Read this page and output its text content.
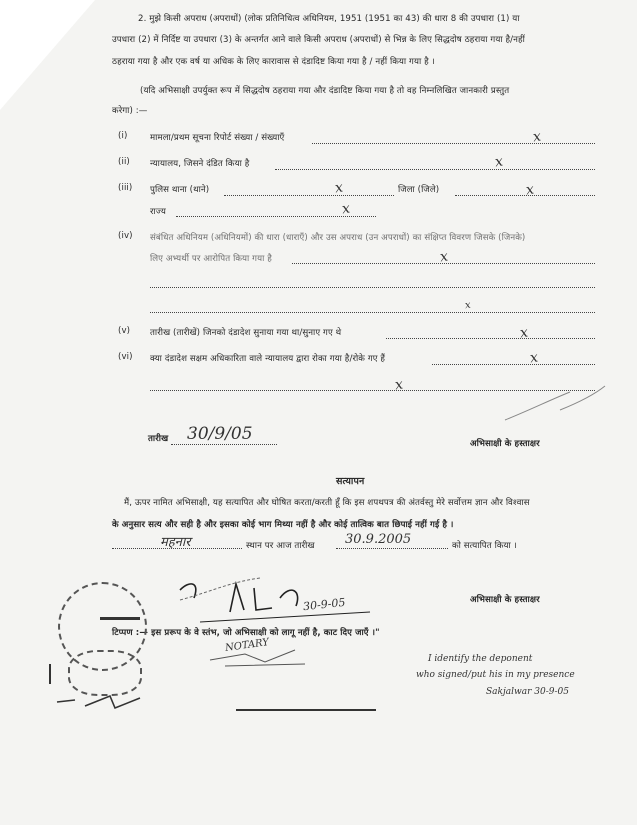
2. मुझे किसी अपराध (अपराधों) (लोक प्रतिनिधित्व अधिनियम, 1951 (1951 का 43) की धारा 8 की उपधारा (1) या
उपधारा (2) में निर्दिष्ट या उपधारा (3) के अन्तर्गत आने वाले किसी अपराध (अपराधों) से भिन्न के लिए सिद्धदोष ठहराया गया है/नहीं
ठहराया गया है और एक वर्ष या अधिक के लिए कारावास से दंडादिष्ट किया गया है / नहीं किया गया है ।
(यदि अभिसाक्षी उपर्युक्त रूप में सिद्धदोष ठहराया गया और दंडादिष्ट किया गया है तो वह निम्नलिखित जानकारी प्रस्तुत
करेगा) :—
(i)	मामला/प्रथम सूचना रिपोर्ट संख्या / संख्याएँ	x
(ii) न्यायालय, जिसने दंडित किया है	x
(iii) पुलिस थाना (थाने)	x	जिला (जिले)	x
राज्य	x
(iv) संबंधित अधिनियम (अधिनियमों) की धारा (धाराएँ) और उस अपराध (उन अपराधों) का संक्षिप्त विवरण जिसके (जिनके)
लिए अभ्यर्थी पर आरोपित किया गया है	x
x
(v) तारीख (तारीखें) जिनको दंडादेश सुनाया गया था/सुनाए गए थे	x
(vi) क्या दंडादेश सक्षम अधिकारिता वाले न्यायालय द्वारा रोका गया है/रोके गए हैं	x
x
तारीख 30/9/05	अभिसाक्षी के हस्ताक्षर
सत्यापन
मैं, ऊपर नामित अभिसाक्षी, यह सत्यापित और घोषित करता/करती हूँ कि इस शपथपत्र की अंतर्वस्तु मेरे सर्वोत्तम ज्ञान और विश्वास
के अनुसार सत्य और सही है और इसका कोई भाग मिथ्या नहीं है और कोई तात्विक बात छिपाई नहीं गई है ।
महनार	स्थान पर आज तारीख 30.9.2005	को सत्यापित किया ।
30-9-05	अभिसाक्षी के हस्ताक्षर
टिप्पण :— इस प्ररूप के वे स्तंभ, जो अभिसाक्षी को लागू नहीं है, काट दिए जाएँ ।"
NOTARY
I identify the deponent
who signed/put his in my presence
Sakjalwar 30-9-05
